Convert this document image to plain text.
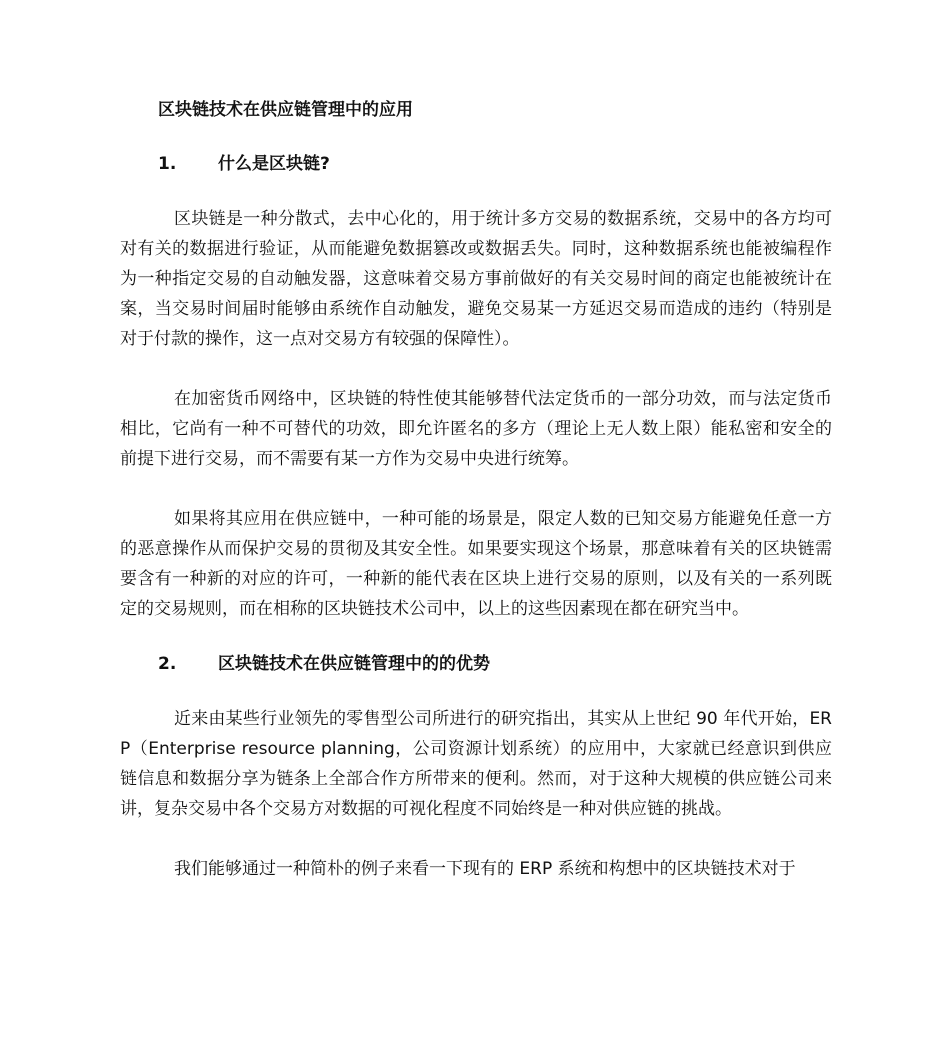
区块链技术在供应链管理中的应用
1.	什么是区块链?

区块链是一种分散式，去中心化的，用于统计多方交易的数据系统，交易中的各方均可对有关的数据进行验证，从而能避免数据篡改或数据丢失。同时，这种数据系统也能被编程作为一种指定交易的自动触发器，这意味着交易方事前做好的有关交易时间的商定也能被统计在案，当交易时间届时能够由系统作自动触发，避免交易某一方延迟交易而造成的违约（特别是对于付款的操作，这一点对交易方有较强的保障性）。

在加密货币网络中，区块链的特性使其能够替代法定货币的一部分功效，而与法定货币相比，它尚有一种不可替代的功效，即允许匿名的多方（理论上无人数上限）能私密和安全的前提下进行交易，而不需要有某一方作为交易中央进行统筹。

如果将其应用在供应链中，一种可能的场景是，限定人数的已知交易方能避免任意一方的恶意操作从而保护交易的贯彻及其安全性。如果要实现这个场景，那意味着有关的区块链需要含有一种新的对应的许可，一种新的能代表在区块上进行交易的原则，以及有关的一系列既定的交易规则，而在相称的区块链技术公司中，以上的这些因素现在都在研究当中。

2.	区块链技术在供应链管理中的的优势

近来由某些行业领先的零售型公司所进行的研究指出，其实从上世纪 90 年代开始，ERP（Enterprise resource planning，公司资源计划系统）的应用中，大家就已经意识到供应链信息和数据分享为链条上全部合作方所带来的便利。然而，对于这种大规模的供应链公司来讲，复杂交易中各个交易方对数据的可视化程度不同始终是一种对供应链的挑战。

我们能够通过一种简朴的例子来看一下现有的 ERP 系统和构想中的区块链技术对于
